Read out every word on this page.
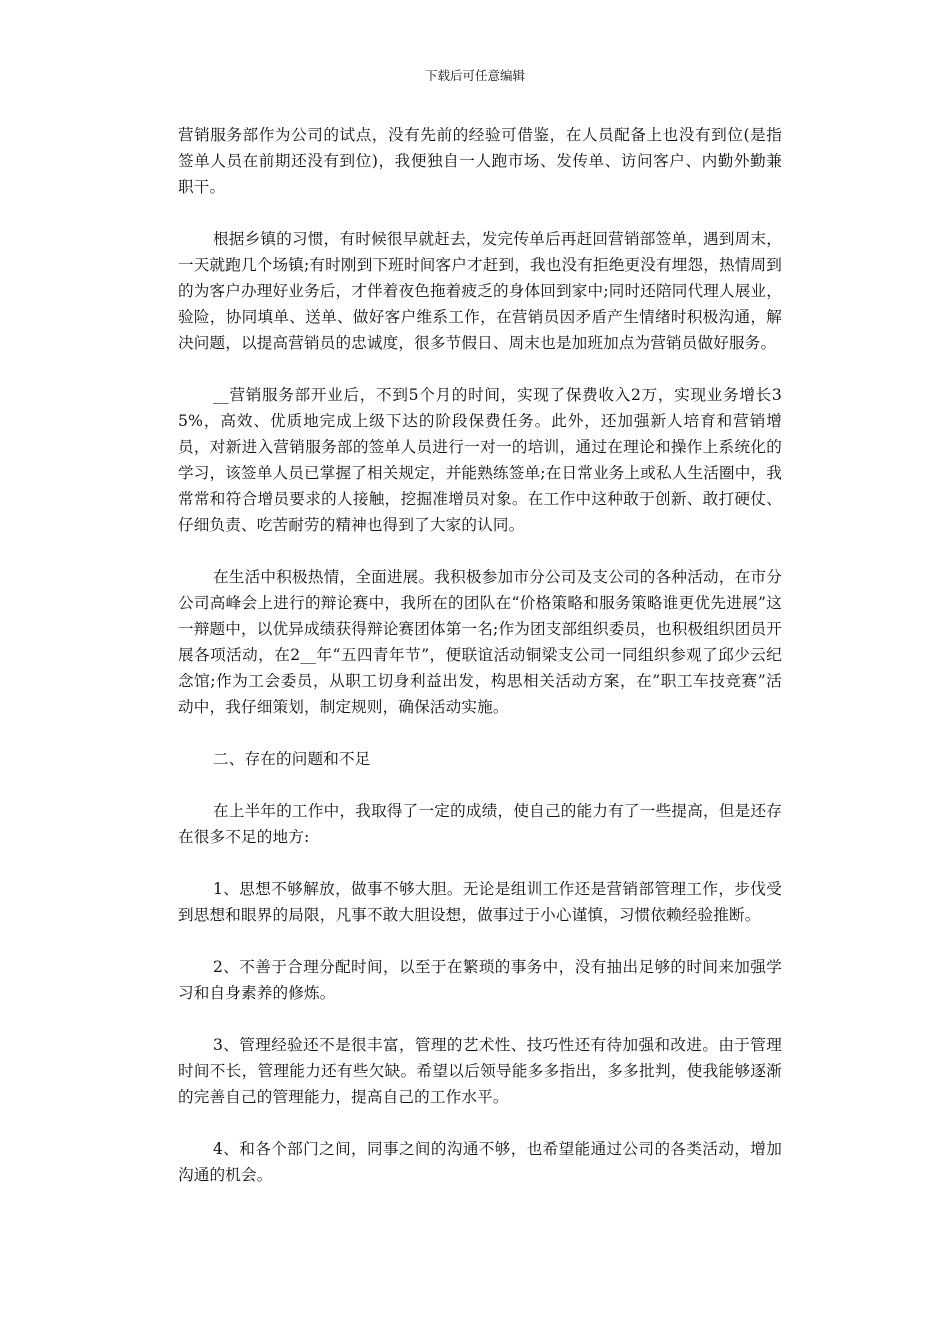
下载后可任意编辑

营销服务部作为公司的试点，没有先前的经验可借鉴，在人员配备上也没有到位(是指签单人员在前期还没有到位)，我便独自一人跑市场、发传单、访问客户、内勤外勤兼职干。

根据乡镇的习惯，有时候很早就赶去，发完传单后再赶回营销部签单，遇到周末，一天就跑几个场镇;有时刚到下班时间客户才赶到，我也没有拒绝更没有埋怨，热情周到的为客户办理好业务后，才伴着夜色拖着疲乏的身体回到家中;同时还陪同代理人展业，验险，协同填单、送单、做好客户维系工作，在营销员因矛盾产生情绪时积极沟通，解决问题，以提高营销员的忠诚度，很多节假日、周末也是加班加点为营销员做好服务。

__营销服务部开业后，不到5个月的时间，实现了保费收入2万，实现业务增长35%，高效、优质地完成上级下达的阶段保费任务。此外，还加强新人培育和营销增员，对新进入营销服务部的签单人员进行一对一的培训，通过在理论和操作上系统化的学习，该签单人员已掌握了相关规定，并能熟练签单;在日常业务上或私人生活圈中，我常常和符合增员要求的人接触，挖掘准增员对象。在工作中这种敢于创新、敢打硬仗、仔细负责、吃苦耐劳的精神也得到了大家的认同。

在生活中积极热情，全面进展。我积极参加市分公司及支公司的各种活动，在市分公司高峰会上进行的辩论赛中，我所在的团队在“价格策略和服务策略谁更优先进展”这一辩题中，以优异成绩获得辩论赛团体第一名;作为团支部组织委员，也积极组织团员开展各项活动，在2__年“五四青年节”，便联谊活动铜梁支公司一同组织参观了邱少云纪念馆;作为工会委员，从职工切身利益出发，构思相关活动方案，在”职工车技竞赛”活动中，我仔细策划，制定规则，确保活动实施。

二、存在的问题和不足

在上半年的工作中，我取得了一定的成绩，使自己的能力有了一些提高，但是还存在很多不足的地方:

1、思想不够解放，做事不够大胆。无论是组训工作还是营销部管理工作，步伐受到思想和眼界的局限，凡事不敢大胆设想，做事过于小心谨慎，习惯依赖经验推断。

2、不善于合理分配时间，以至于在繁琐的事务中，没有抽出足够的时间来加强学习和自身素养的修炼。

3、管理经验还不是很丰富，管理的艺术性、技巧性还有待加强和改进。由于管理时间不长，管理能力还有些欠缺。希望以后领导能多多指出，多多批判，使我能够逐渐的完善自己的管理能力，提高自己的工作水平。

4、和各个部门之间，同事之间的沟通不够，也希望能通过公司的各类活动，增加沟通的机会。
